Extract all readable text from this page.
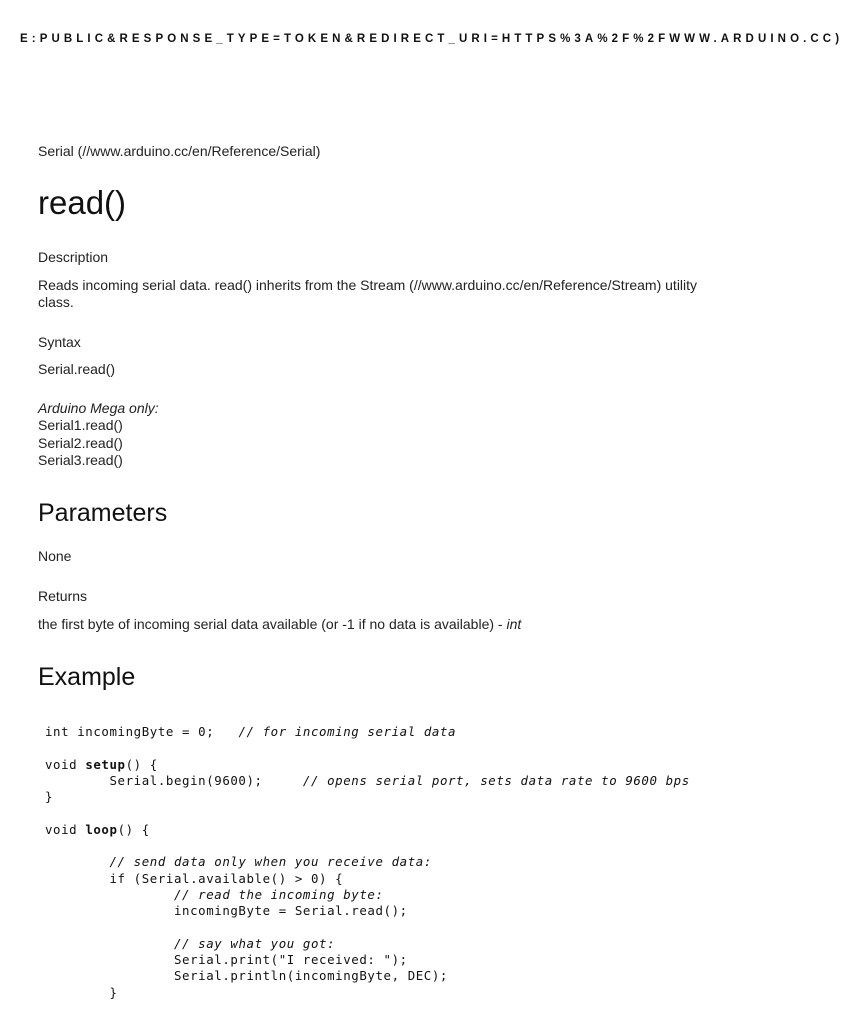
E:PUBLIC&RESPONSE_TYPE=TOKEN&REDIRECT_URI=HTTPS%3A%2F%2FWWW.ARDUINO.CC)
Serial (//www.arduino.cc/en/Reference/Serial)
read()
Description
Reads incoming serial data. read() inherits from the Stream (//www.arduino.cc/en/Reference/Stream) utility class.
Syntax
Serial.read()
Arduino Mega only:
Serial1.read()
Serial2.read()
Serial3.read()
Parameters
None
Returns
the first byte of incoming serial data available (or -1 if no data is available) - int
Example
int incomingByte = 0;   // for incoming serial data

void setup() {
Serial.begin(9600);     // opens serial port, sets data rate to 9600 bps
}

void loop() {

// send data only when you receive data:
if (Serial.available() > 0) {
// read the incoming byte:
incomingByte = Serial.read();

// say what you got:
Serial.print("I received: ");
Serial.println(incomingByte, DEC);
}
